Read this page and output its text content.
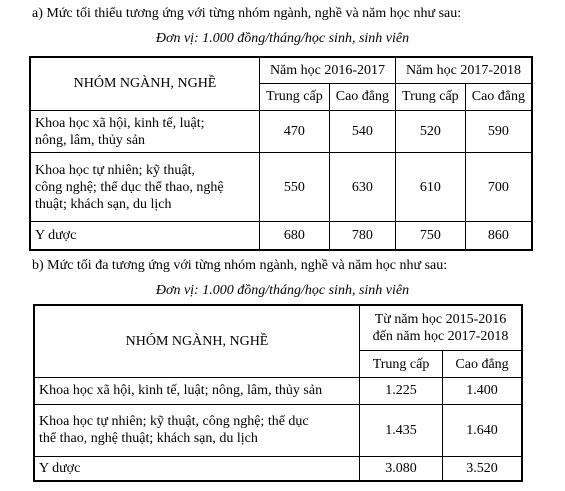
a) Mức tối thiểu tương ứng với từng nhóm ngành, nghề và năm học như sau:
Đơn vị: 1.000 đồng/tháng/học sinh, sinh viên
NHÓM NGÀNH, NGHỀ	Năm học 2016-2017		Năm học 2017-2018	
	Trung cấp	Cao đẳng	Trung cấp	Cao đẳng

Khoa học xã hội, kinh tế, luật;
nông, lâm, thủy sản	470	540	520	590

Khoa học tự nhiên; kỹ thuật,
công nghệ; thể dục thể thao, nghệ
thuật; khách sạn, du lịch	550	630	610	700

Y dược	680	780	750	860
b) Mức tối đa tương ứng với từng nhóm ngành, nghề và năm học như sau:
Đơn vị: 1.000 đồng/tháng/học sinh, sinh viên
NHÓM NGÀNH, NGHỀ	Từ năm học 2015-2016
đến năm học 2017-2018	

	Trung cấp	Cao đẳng
Khoa học xã hội, kinh tế, luật; nông, lâm, thủy sản	1.225	1.400

Khoa học tự nhiên; kỹ thuật, công nghệ; thể dục
thể thao, nghệ thuật; khách sạn, du lịch	1.435	1.640
Y dược	3.080	3.520
